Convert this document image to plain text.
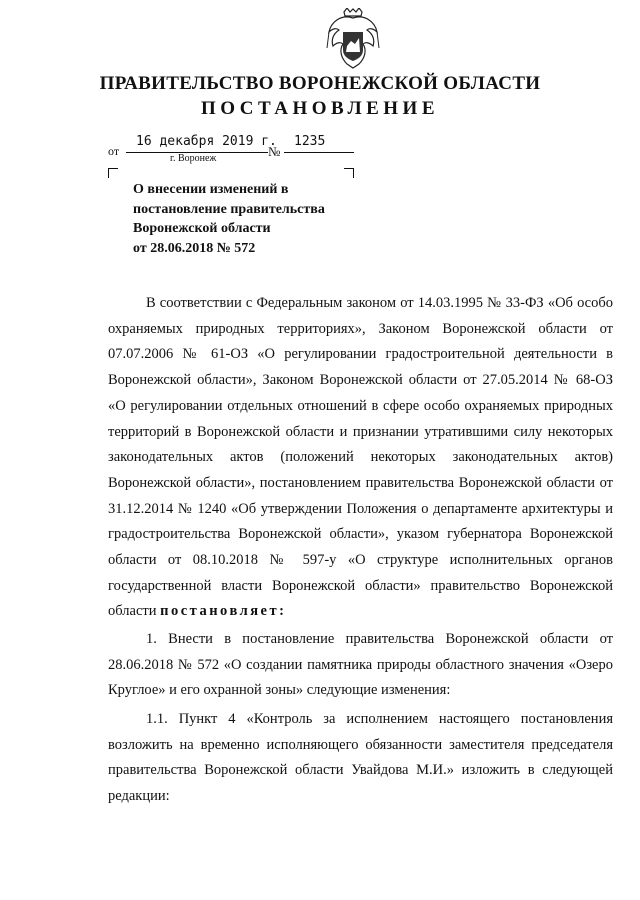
ПРАВИТЕЛЬСТВО ВОРОНЕЖСКОЙ ОБЛАСТИ
ПОСТАНОВЛЕНИЕ
от
16 декабря 2019 г.
№
1235
г. Воронеж
О внесении изменений в
постановление правительства
Воронежской области
от 28.06.2018 № 572
В соответствии с Федеральным законом от 14.03.1995 № 33-ФЗ «Об особо охраняемых природных территориях», Законом Воронежской области от 07.07.2006 № 61-ОЗ «О регулировании градостроительной деятельности в Воронежской области», Законом Воронежской области от 27.05.2014 № 68-ОЗ «О регулировании отдельных отношений в сфере особо охраняемых природных территорий в Воронежской области и признании утратившими силу некоторых законодательных актов (положений некоторых законодательных актов) Воронежской области», постановлением правительства Воронежской области от 31.12.2014 № 1240 «Об утверждении Положения о департаменте архитектуры и градостроительства Воронежской области», указом губернатора Воронежской области от 08.10.2018 № 597-у «О структуре исполнительных органов государственной власти Воронежской области» правительство Воронежской области постановляет:
1. Внести в постановление правительства Воронежской области от 28.06.2018 № 572 «О создании памятника природы областного значения «Озеро Круглое» и его охранной зоны» следующие изменения:
1.1. Пункт 4 «Контроль за исполнением настоящего постановления возложить на временно исполняющего обязанности заместителя председателя правительства Воронежской области Увайдова М.И.» изложить в следующей редакции:
